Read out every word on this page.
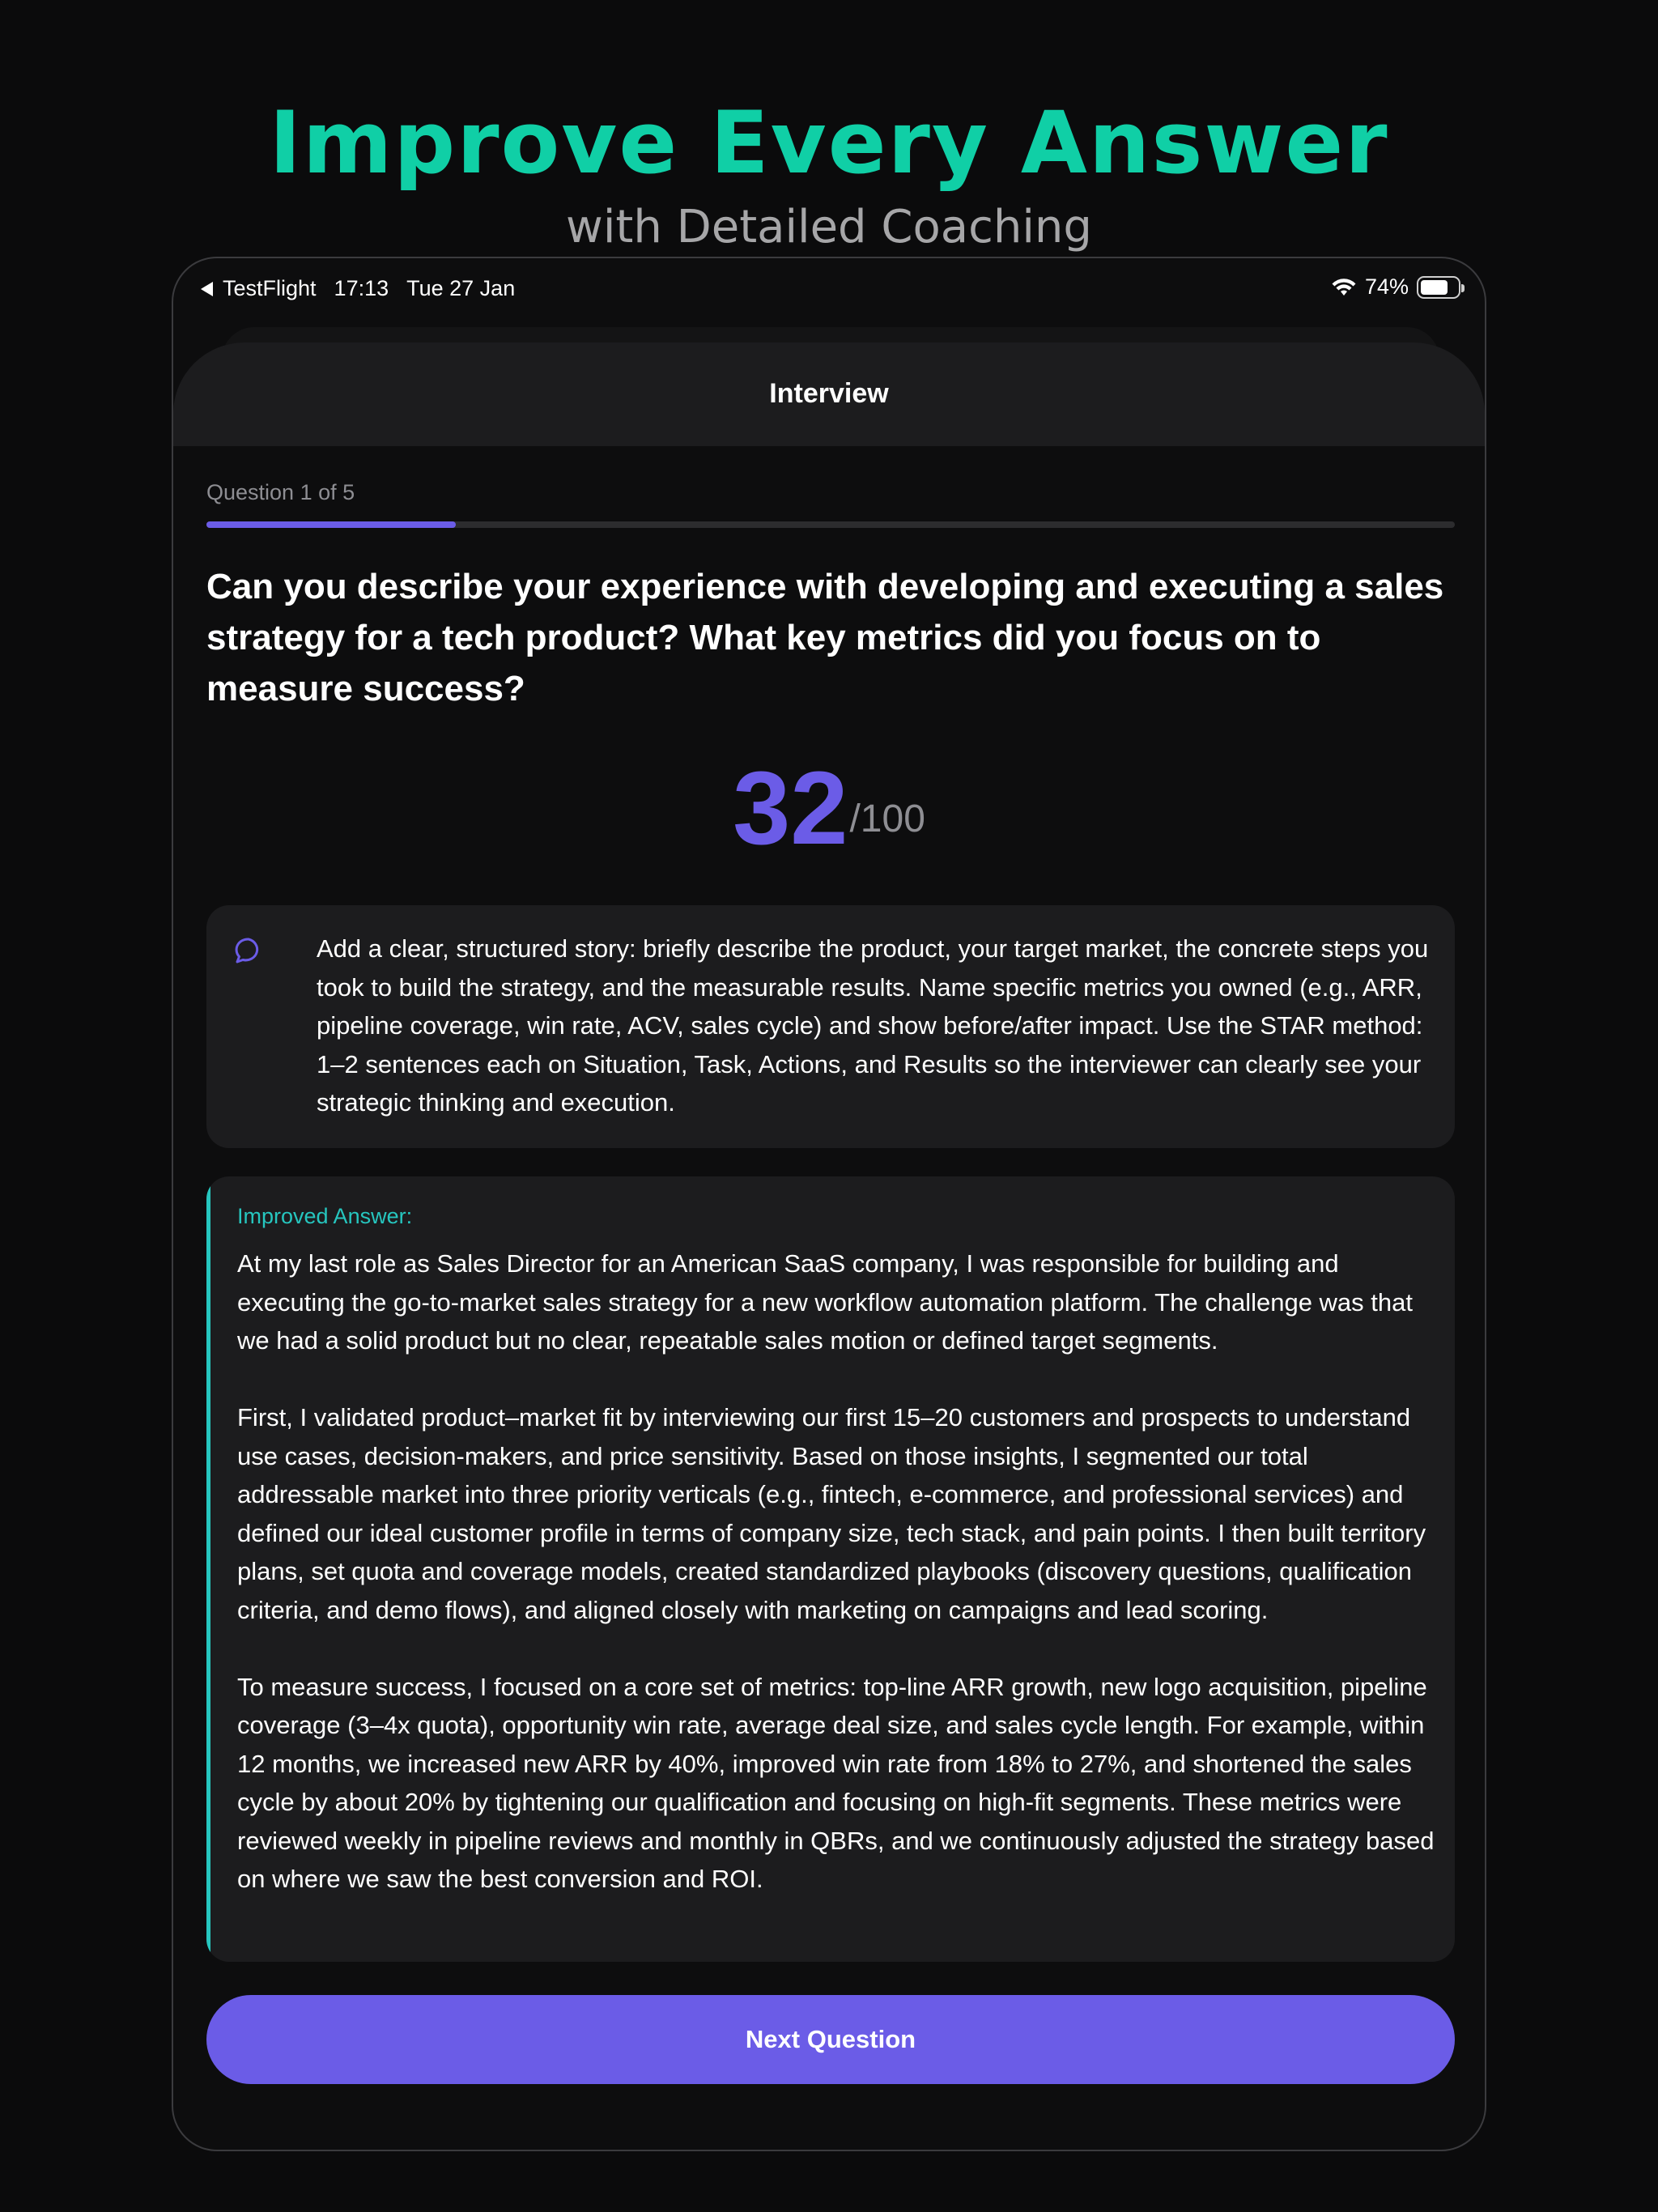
Improve Every Answer
with Detailed Coaching
TestFlight 17:13 Tue 27 Jan	74%
Interview
Question 1 of 5
Can you describe your experience with developing and executing a sales strategy for a tech product? What key metrics did you focus on to measure success?
32 /100
Add a clear, structured story: briefly describe the product, your target market, the concrete steps you took to build the strategy, and the measurable results. Name specific metrics you owned (e.g., ARR, pipeline coverage, win rate, ACV, sales cycle) and show before/after impact. Use the STAR method: 1–2 sentences each on Situation, Task, Actions, and Results so the interviewer can clearly see your strategic thinking and execution.
Improved Answer:

At my last role as Sales Director for an American SaaS company, I was responsible for building and executing the go-to-market sales strategy for a new workflow automation platform. The challenge was that we had a solid product but no clear, repeatable sales motion or defined target segments.

First, I validated product–market fit by interviewing our first 15–20 customers and prospects to understand use cases, decision-makers, and price sensitivity. Based on those insights, I segmented our total addressable market into three priority verticals (e.g., fintech, e-commerce, and professional services) and defined our ideal customer profile in terms of company size, tech stack, and pain points. I then built territory plans, set quota and coverage models, created standardized playbooks (discovery questions, qualification criteria, and demo flows), and aligned closely with marketing on campaigns and lead scoring.

To measure success, I focused on a core set of metrics: top-line ARR growth, new logo acquisition, pipeline coverage (3–4x quota), opportunity win rate, average deal size, and sales cycle length. For example, within 12 months, we increased new ARR by 40%, improved win rate from 18% to 27%, and shortened the sales cycle by about 20% by tightening our qualification and focusing on high-fit segments. These metrics were reviewed weekly in pipeline reviews and monthly in QBRs, and we continuously adjusted the strategy based on where we saw the best conversion and ROI.

Next Question
